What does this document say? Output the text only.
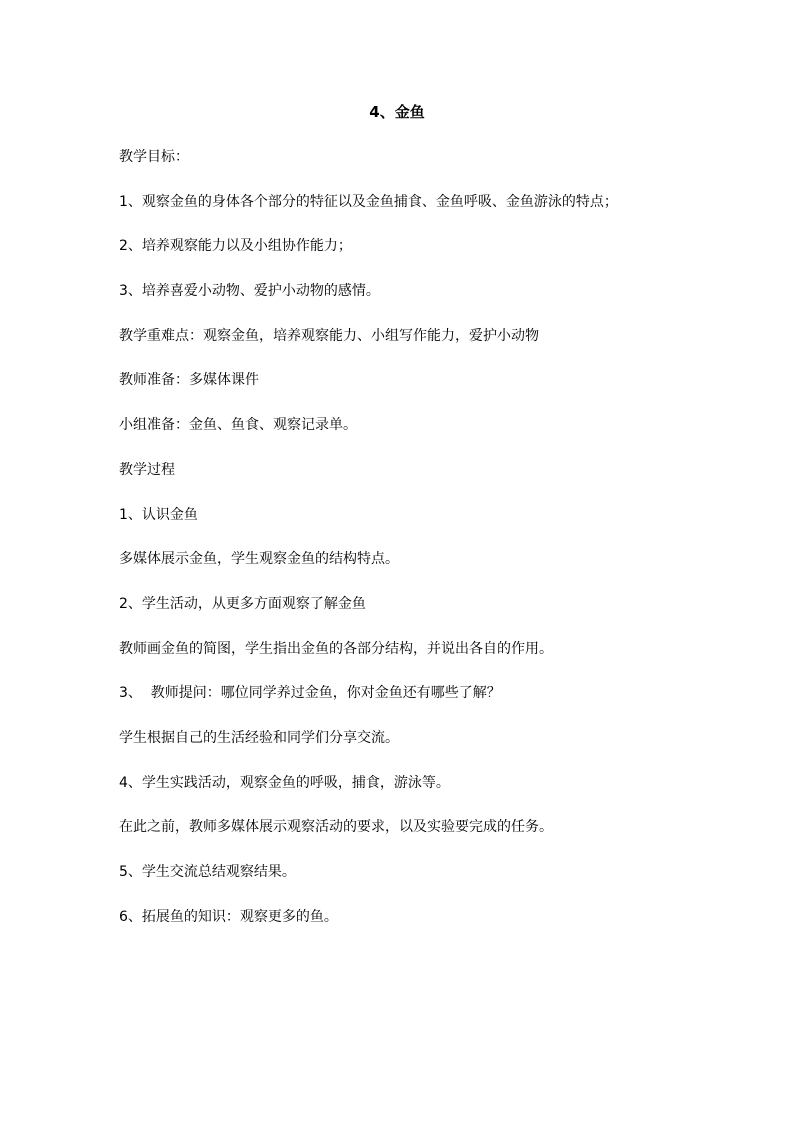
4、金鱼

教学目标：

1、观察金鱼的身体各个部分的特征以及金鱼捕食、金鱼呼吸、金鱼游泳的特点；

2、培养观察能力以及小组协作能力；

3、培养喜爱小动物、爱护小动物的感情。

教学重难点：观察金鱼，培养观察能力、小组写作能力，爱护小动物

教师准备：多媒体课件

小组准备：金鱼、鱼食、观察记录单。

教学过程

1、认识金鱼

多媒体展示金鱼，学生观察金鱼的结构特点。

2、学生活动，从更多方面观察了解金鱼

教师画金鱼的简图，学生指出金鱼的各部分结构，并说出各自的作用。

3、  教师提问：哪位同学养过金鱼，你对金鱼还有哪些了解？

学生根据自己的生活经验和同学们分享交流。

4、学生实践活动，观察金鱼的呼吸，捕食，游泳等。

在此之前，教师多媒体展示观察活动的要求，以及实验要完成的任务。

5、学生交流总结观察结果。

6、拓展鱼的知识：观察更多的鱼。
